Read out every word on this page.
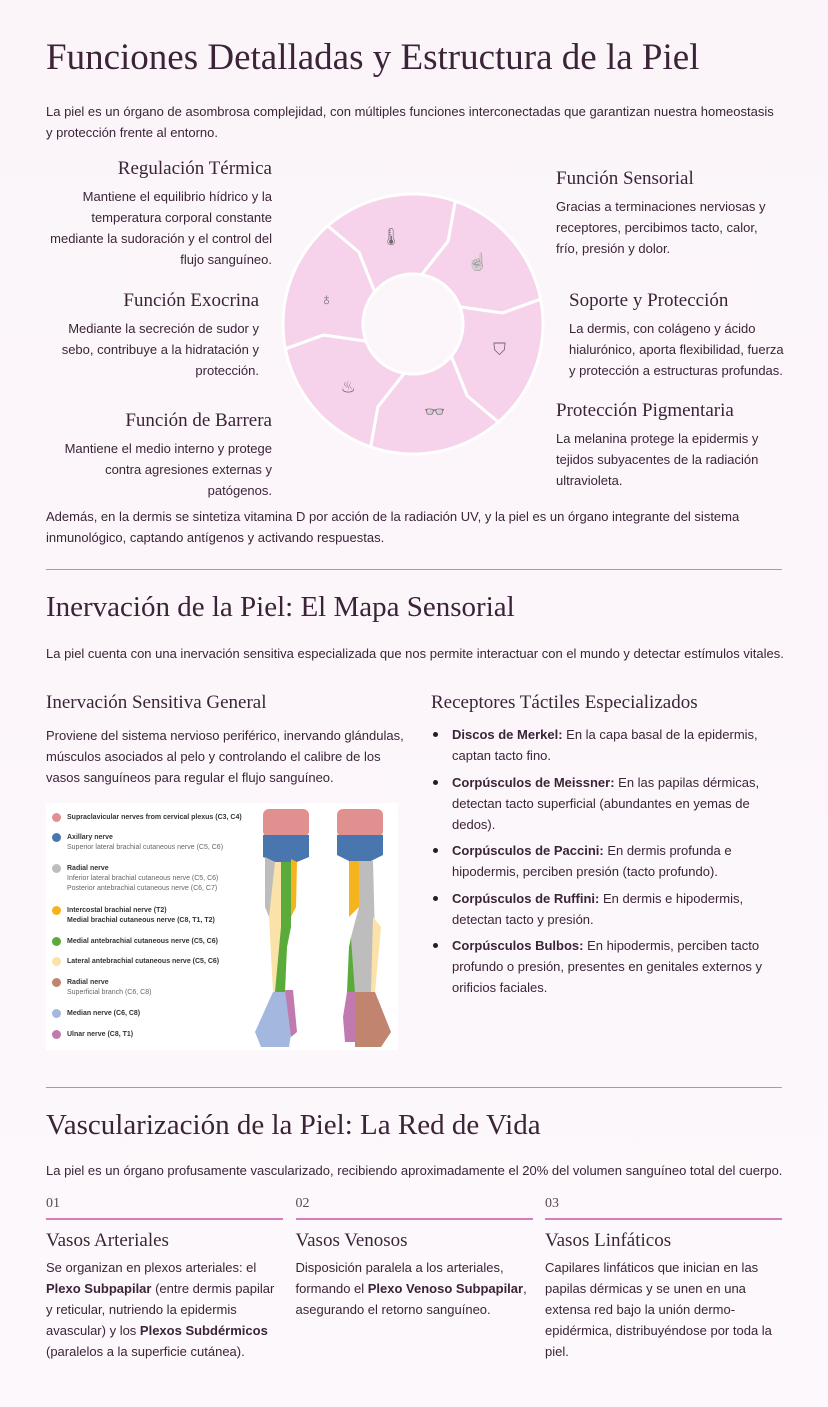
Funciones Detalladas y Estructura de la Piel

La piel es un órgano de asombrosa complejidad, con múltiples funciones interconectadas que garantizan nuestra homeostasis y protección frente al entorno.

Regulación Térmica

Mantiene el equilibrio hídrico y la temperatura corporal constante mediante la sudoración y el control del flujo sanguíneo.

Función Exocrina

Mediante la secreción de sudor y sebo, contribuye a la hidratación y protección.

Función de Barrera

Mantiene el medio interno y protege contra agresiones externas y patógenos.

Función Sensorial

Gracias a terminaciones nerviosas y receptores, percibimos tacto, calor, frío, presión y dolor.

Soporte y Protección

La dermis, con colágeno y ácido hialurónico, aporta flexibilidad, fuerza y protección a estructuras profundas.

Protección Pigmentaria

La melanina protege la epidermis y tejidos subyacentes de la radiación ultravioleta.

🌡
☝
⛉
👓
♨
♁

Además, en la dermis se sintetiza vitamina D por acción de la radiación UV, y la piel es un órgano integrante del sistema inmunológico, captando antígenos y activando respuestas.

Inervación de la Piel: El Mapa Sensorial

La piel cuenta con una inervación sensitiva especializada que nos permite interactuar con el mundo y detectar estímulos vitales.

Inervación Sensitiva General

Proviene del sistema nervioso periférico, inervando glándulas, músculos asociados al pelo y controlando el calibre de los vasos sanguíneos para regular el flujo sanguíneo.

Receptores Táctiles Especializados
Discos de Merkel: En la capa basal de la epidermis, captan tacto fino.
Corpúsculos de Meissner: En las papilas dérmicas, detectan tacto superficial (abundantes en yemas de dedos).
Corpúsculos de Paccini: En dermis profunda e hipodermis, perciben presión (tacto profundo).
Corpúsculos de Ruffini: En dermis e hipodermis, detectan tacto y presión.
Corpúsculos Bulbos: En hipodermis, perciben tacto profundo o presión, presentes en genitales externos y orificios faciales.
Supraclavicular nerves from cervical plexus (C3, C4)
Axillary nerve
Superior lateral brachial cutaneous nerve (C5, C6)
Radial nerve
Inferior lateral brachial cutaneous nerve (C5, C6)
Posterior antebrachial cutaneous nerve (C6, C7)
Intercostal brachial nerve (T2)
Medial brachial cutaneous nerve (C8, T1, T2)
Medial antebrachial cutaneous nerve (C5, C6)
Lateral antebrachial cutaneous nerve (C5, C6)
Radial nerve
Superficial branch (C6, C8)
Median nerve (C6, C8)
Ulnar nerve (C8, T1)
Vascularización de la Piel: La Red de Vida

La piel es un órgano profusamente vascularizado, recibiendo aproximadamente el 20% del volumen sanguíneo total del cuerpo.

01
Vasos Arteriales

Se organizan en plexos arteriales: el Plexo Subpapilar (entre dermis papilar y reticular, nutriendo la epidermis avascular) y los Plexos Subdérmicos (paralelos a la superficie cutánea).

02
Vasos Venosos

Disposición paralela a los arteriales, formando el Plexo Venoso Subpapilar, asegurando el retorno sanguíneo.

03
Vasos Linfáticos

Capilares linfáticos que inician en las papilas dérmicas y se unen en una extensa red bajo la unión dermo-epidérmica, distribuyéndose por toda la piel.
